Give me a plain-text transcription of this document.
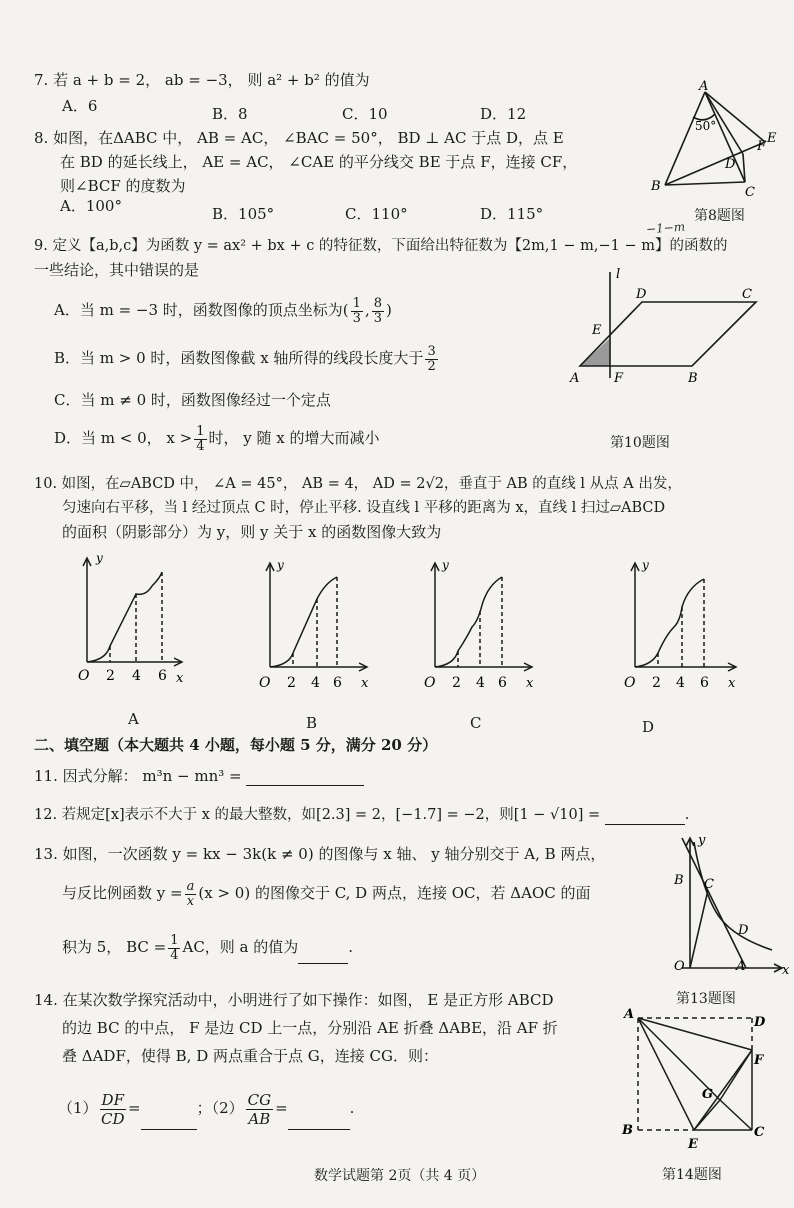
7. 若 a + b = 2， ab = −3， 则 a² + b² 的值为
A．6	B．8	C．10	D．12
8. 如图，在ΔABC 中， AB = AC， ∠BAC = 50°， BD ⊥ AC 于点 D，点 E
在 BD 的延长线上， AE = AC， ∠CAE 的平分线交 BE 于点 F，连接 CF，
则∠BCF 的度数为
A．100°	B．105°	C．110°	D．115°
A
50°
E
F
D
B	C
第8题图
−1−m
9. 定义【a,b,c】为函数 y = ax² + bx + c 的特征数，下面给出特征数为【2m,1 − m,−1 − m】的函数的
一些结论，其中错误的是
A．当 m = −3 时，函数图像的顶点坐标为( $\frac{1}{3}$ , $\frac{8}{3}$ )
B．当 m > 0 时，函数图像截 x 轴所得的线段长度大于 $\frac{3}{2}$
C．当 m ≠ 0 时，函数图像经过一个定点
D．当 m < 0， $x > \frac{1}{4}$ 时， y 随 x 的增大而减小
l
D	C
E
A	F	B
第10题图
10. 如图，在▱ABCD 中， ∠A = 45°， AB = 4， AD = 2√2，垂直于 AB 的直线 l 从点 A 出发，
匀速向右平移，当 l 经过顶点 C 时，停止平移. 设直线 l 平移的距离为 x，直线 l 扫过▱ABCD
的面积（阴影部分）为 y，则 y 关于 x 的函数图像大致为
y
x
O 2 4 6
A
y
x
O 2 4 6
B
y
x
O 2 4 6
C
y
x
O 2 4 6
D
二、填空题（本大题共 4 小题，每小题 5 分，满分 20 分）
11. 因式分解： m³n − mn³ =
12. 若规定[x]表示不大于 x 的最大整数，如[2.3] = 2，[−1.7] = −2，则[1 − √10] =	.
13. 如图，一次函数 y = kx − 3k(k ≠ 0) 的图像与 x 轴、 y 轴分别交于 A, B 两点，
与反比例函数 $y = \frac{a}{x} (x > 0)$ 的图像交于 C, D 两点，连接 OC，若 ΔAOC 的面
积为 5， BC = $\frac{1}{4}$ AC，则 a 的值为	.
y
B C
D
O	A	x
第13题图
14. 在某次数学探究活动中，小明进行了如下操作：如图， E 是正方形 ABCD
的边 BC 的中点， F 是边 CD 上一点，分别沿 AE 折叠 ΔABE，沿 AF 折
叠 ΔADF，使得 B, D 两点重合于点 G，连接 CG．则：
$(1) \frac{DF}{CD}$ =	；$(2) \frac{CG}{AB}$ =	.
A
D
F
G
B
E
C
第14题图
数学试题第 2页（共 4 页）
